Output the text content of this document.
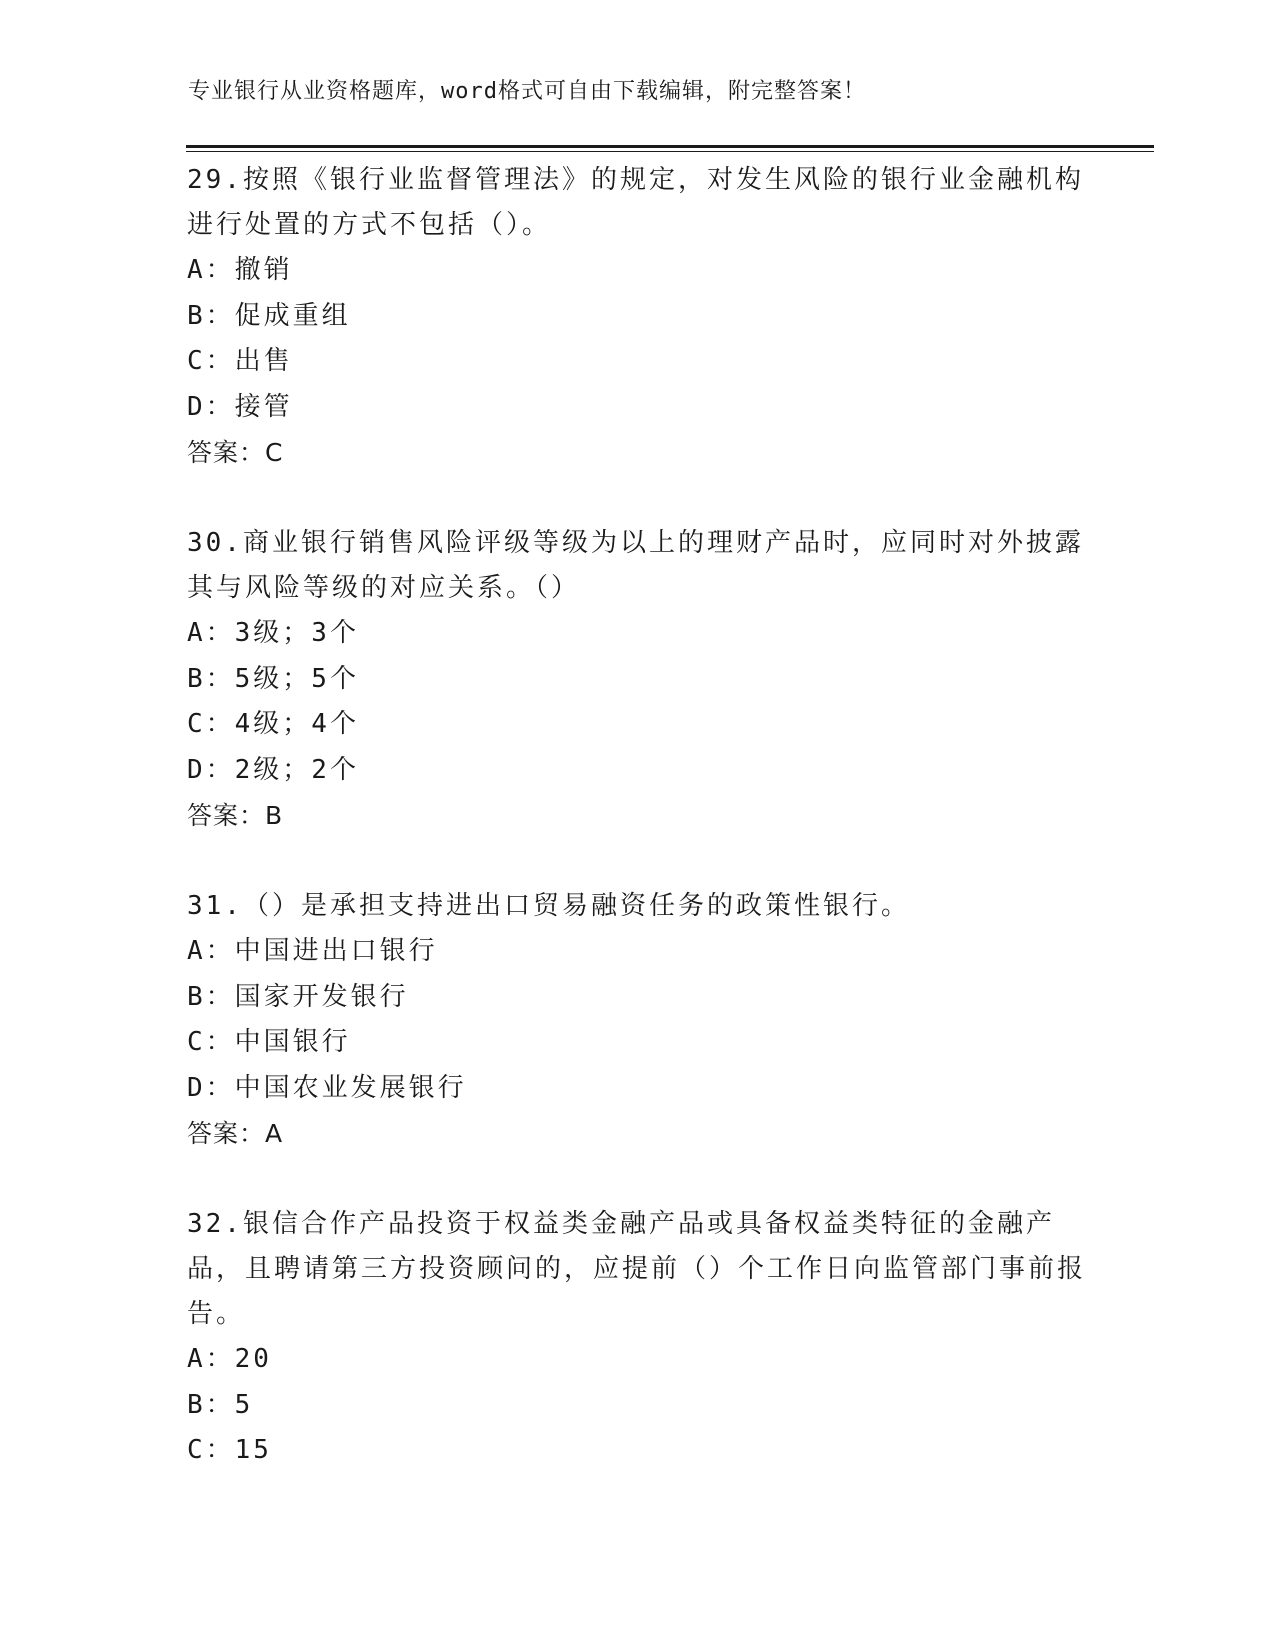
专业银行从业资格题库，word格式可自由下载编辑，附完整答案！
29.按照《银行业监督管理法》的规定，对发生风险的银行业金融机构进行处置的方式不包括（）。
A：撤销
B：促成重组
C：出售
D：接管
答案：C
30.商业银行销售风险评级等级为以上的理财产品时，应同时对外披露其与风险等级的对应关系。（）
A：3级；3个
B：5级；5个
C：4级；4个
D：2级；2个
答案：B
31.（）是承担支持进出口贸易融资任务的政策性银行。
A：中国进出口银行
B：国家开发银行
C：中国银行
D：中国农业发展银行
答案：A
32.银信合作产品投资于权益类金融产品或具备权益类特征的金融产品，且聘请第三方投资顾问的，应提前（）个工作日向监管部门事前报告。
A：20
B：5
C：15
